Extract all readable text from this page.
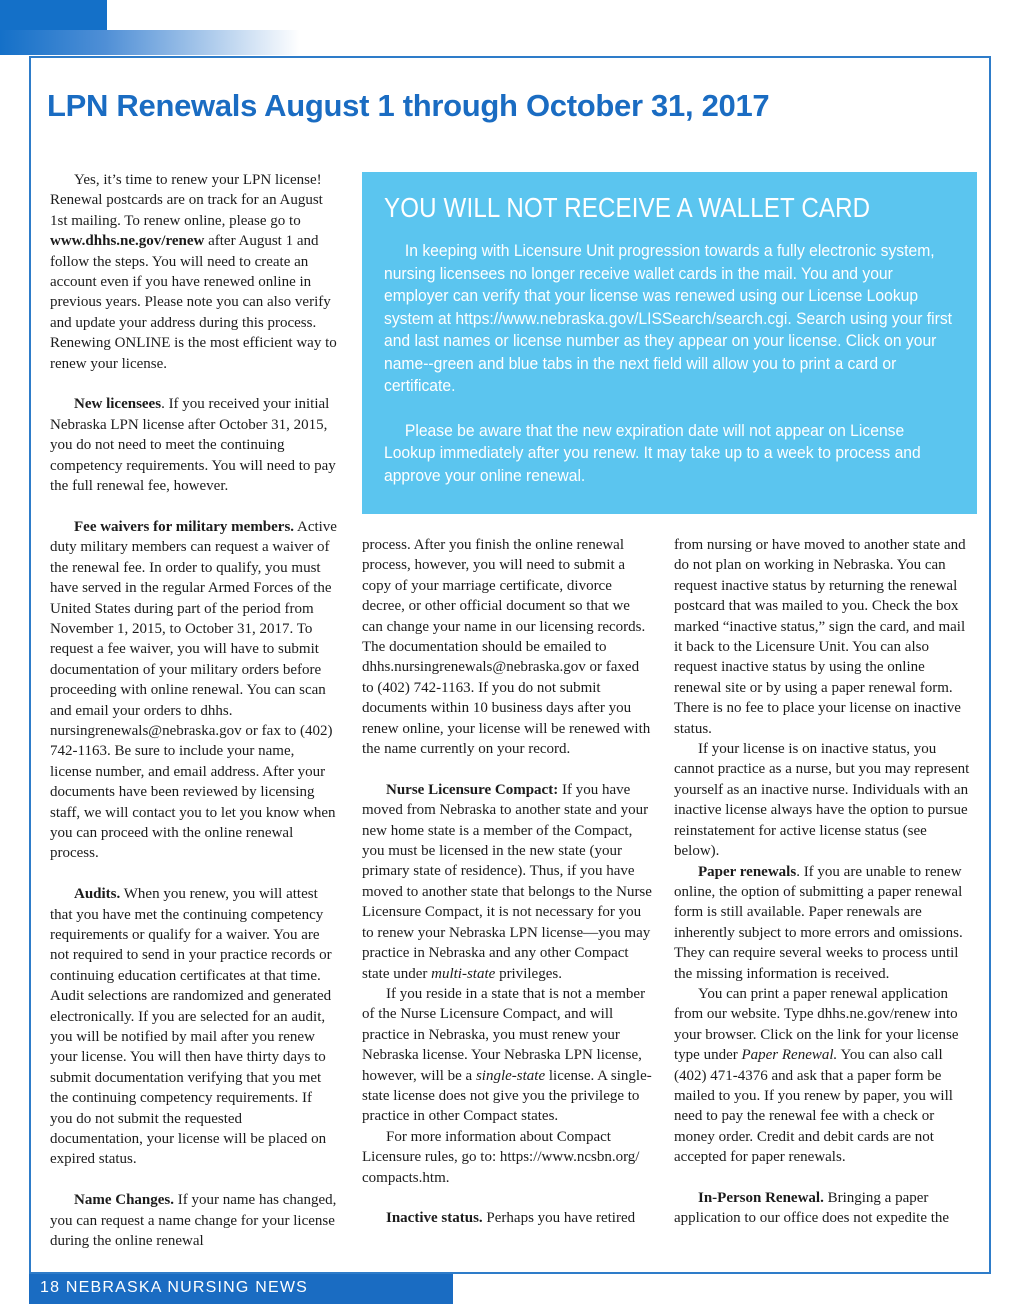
LPN Renewals August 1 through October 31, 2017

Yes, it’s time to renew your LPN license! Renewal postcards are on track for an August 1st mailing. To renew online, please go to www.dhhs.ne.gov/renew after August 1 and follow the steps. You will need to create an account even if you have renewed online in previous years. Please note you can also verify and update your address during this process. Renewing ONLINE is the most efficient way to renew your license.

New licensees. If you received your initial Nebraska LPN license after October 31, 2015, you do not need to meet the continuing competency requirements. You will need to pay the full renewal fee, however.

Fee waivers for military members. Active duty military members can request a waiver of the renewal fee. In order to qualify, you must have served in the regular Armed Forces of the United States during part of the period from November 1, 2015, to October 31, 2017. To request a fee waiver, you will have to submit documentation of your military orders before proceeding with online renewal. You can scan and email your orders to dhhs. nursingrenewals@nebraska.gov or fax to (402) 742-1163. Be sure to include your name, license number, and email address. After your documents have been reviewed by licensing staff, we will contact you to let you know when you can proceed with the online renewal process.

Audits. When you renew, you will attest that you have met the continuing competency requirements or qualify for a waiver. You are not required to send in your practice records or continuing education certificates at that time. Audit selections are randomized and generated electronically. If you are selected for an audit, you will be notified by mail after you renew your license. You will then have thirty days to submit documentation verifying that you met the continuing competency requirements. If you do not submit the requested documentation, your license will be placed on expired status.

Name Changes. If your name has changed, you can request a name change for your license during the online renewal

YOU WILL NOT RECEIVE A WALLET CARD

In keeping with Licensure Unit progression towards a fully electronic system, nursing licensees no longer receive wallet cards in the mail. You and your employer can verify that your license was renewed using our License Lookup system at https://www.nebraska.gov/LISSearch/search.cgi. Search using your first and last names or license number as they appear on your license. Click on your name--green and blue tabs in the next field will allow you to print a card or certificate.

Please be aware that the new expiration date will not appear on License Lookup immediately after you renew. It may take up to a week to process and approve your online renewal.

process. After you finish the online renewal process, however, you will need to submit a copy of your marriage certificate, divorce decree, or other official document so that we can change your name in our licensing records. The documentation should be emailed to dhhs.nursingrenewals@nebraska.gov or faxed to (402) 742-1163. If you do not submit documents within 10 business days after you renew online, your license will be renewed with the name currently on your record.

Nurse Licensure Compact: If you have moved from Nebraska to another state and your new home state is a member of the Compact, you must be licensed in the new state (your primary state of residence). Thus, if you have moved to another state that belongs to the Nurse Licensure Compact, it is not necessary for you to renew your Nebraska LPN license—you may practice in Nebraska and any other Compact state under multi-state privileges.

If you reside in a state that is not a member of the Nurse Licensure Compact, and will practice in Nebraska, you must renew your Nebraska license. Your Nebraska LPN license, however, will be a single-state license. A single-state license does not give you the privilege to practice in other Compact states.

For more information about Compact Licensure rules, go to: https://www.ncsbn.org/ compacts.htm.

Inactive status. Perhaps you have retired

from nursing or have moved to another state and do not plan on working in Nebraska. You can request inactive status by returning the renewal postcard that was mailed to you. Check the box marked “inactive status,” sign the card, and mail it back to the Licensure Unit. You can also request inactive status by using the online renewal site or by using a paper renewal form. There is no fee to place your license on inactive status.

If your license is on inactive status, you cannot practice as a nurse, but you may represent yourself as an inactive nurse. Individuals with an inactive license always have the option to pursue reinstatement for active license status (see below).

Paper renewals. If you are unable to renew online, the option of submitting a paper renewal form is still available. Paper renewals are inherently subject to more errors and omissions. They can require several weeks to process until the missing information is received.

You can print a paper renewal application from our website. Type dhhs.ne.gov/renew into your browser. Click on the link for your license type under Paper Renewal. You can also call (402) 471-4376 and ask that a paper form be mailed to you. If you renew by paper, you will need to pay the renewal fee with a check or money order. Credit and debit cards are not accepted for paper renewals.

In-Person Renewal. Bringing a paper application to our office does not expedite the

18 NEBRASKA NURSING NEWS
